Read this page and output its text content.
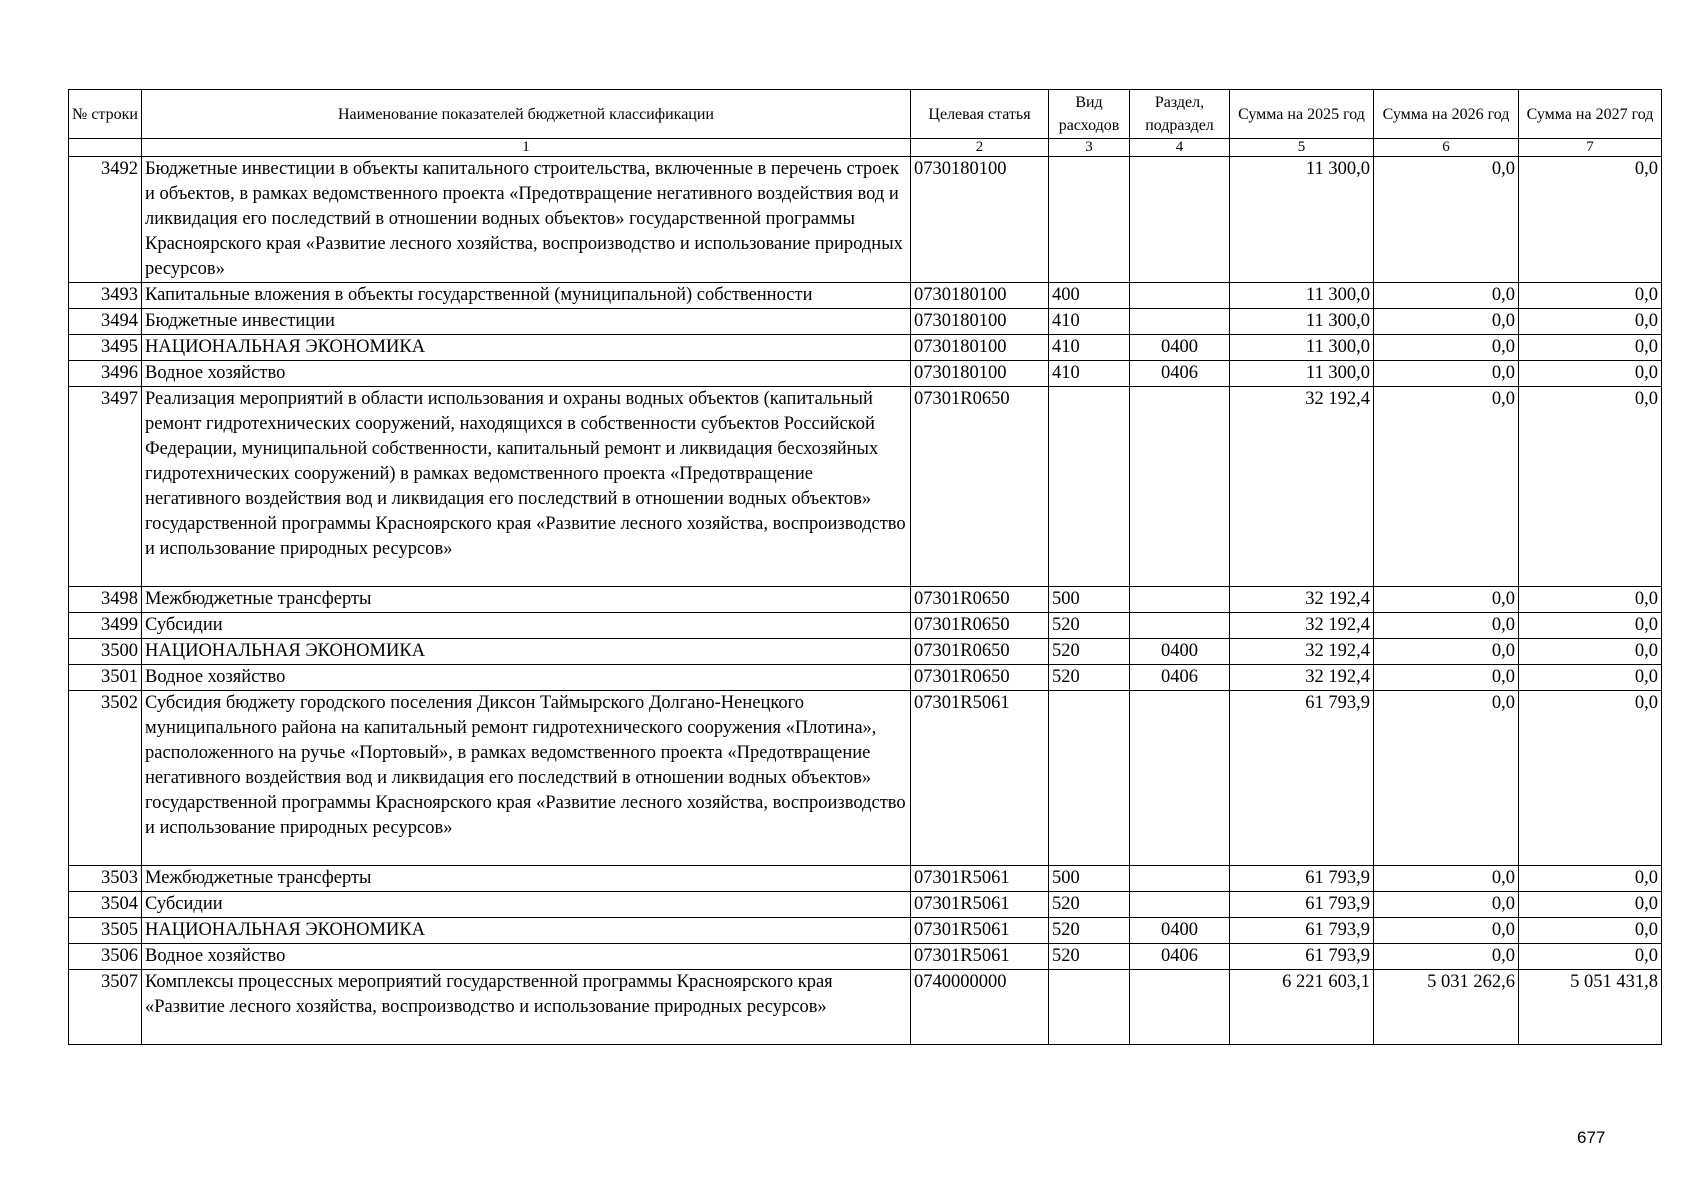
№ строки	Наименование показателей бюджетной классификации	Целевая статья	Вид расходов	Раздел, подраздел	Сумма на 2025 год	Сумма на 2026 год	Сумма на 2027 год
	1	2	3	4	5	6	7
3492	Бюджетные инвестиции в объекты капитального строительства, включенные в перечень строек и объектов, в рамках ведомственного проекта «Предотвращение негативного воздействия вод и ликвидация его последствий в отношении водных объектов» государственной программы Красноярского края «Развитие лесного хозяйства, воспроизводство и использование природных ресурсов»	0730180100			11 300,0	0,0	0,0
3493	Капитальные вложения в объекты государственной (муниципальной) собственности	0730180100	400		11 300,0	0,0	0,0
3494	Бюджетные инвестиции	0730180100	410		11 300,0	0,0	0,0
3495	НАЦИОНАЛЬНАЯ ЭКОНОМИКА	0730180100	410	0400	11 300,0	0,0	0,0
3496	Водное хозяйство	0730180100	410	0406	11 300,0	0,0	0,0
3497	Реализация мероприятий в области использования и охраны водных объектов (капитальный ремонт гидротехнических сооружений, находящихся в собственности субъектов Российской Федерации, муниципальной собственности, капитальный ремонт и ликвидация бесхозяйных гидротехнических сооружений) в рамках ведомственного проекта «Предотвращение негативного воздействия вод и ликвидация его последствий в отношении водных объектов» государственной программы Красноярского края «Развитие лесного хозяйства, воспроизводство и использование природных ресурсов»	07301R0650			32 192,4	0,0	0,0
3498	Межбюджетные трансферты	07301R0650	500		32 192,4	0,0	0,0
3499	Субсидии	07301R0650	520		32 192,4	0,0	0,0
3500	НАЦИОНАЛЬНАЯ ЭКОНОМИКА	07301R0650	520	0400	32 192,4	0,0	0,0
3501	Водное хозяйство	07301R0650	520	0406	32 192,4	0,0	0,0
3502	Субсидия бюджету городского поселения Диксон Таймырского Долгано-Ненецкого муниципального района на капитальный ремонт гидротехнического сооружения «Плотина», расположенного на ручье «Портовый», в рамках ведомственного проекта «Предотвращение негативного воздействия вод и ликвидация его последствий в отношении водных объектов» государственной программы Красноярского края «Развитие лесного хозяйства, воспроизводство и использование природных ресурсов»	07301R5061			61 793,9	0,0	0,0
3503	Межбюджетные трансферты	07301R5061	500		61 793,9	0,0	0,0
3504	Субсидии	07301R5061	520		61 793,9	0,0	0,0
3505	НАЦИОНАЛЬНАЯ ЭКОНОМИКА	07301R5061	520	0400	61 793,9	0,0	0,0
3506	Водное хозяйство	07301R5061	520	0406	61 793,9	0,0	0,0
3507	Комплексы процессных мероприятий государственной программы Красноярского края «Развитие лесного хозяйства, воспроизводство и использование природных ресурсов»	0740000000			6 221 603,1	5 031 262,6	5 051 431,8
677
